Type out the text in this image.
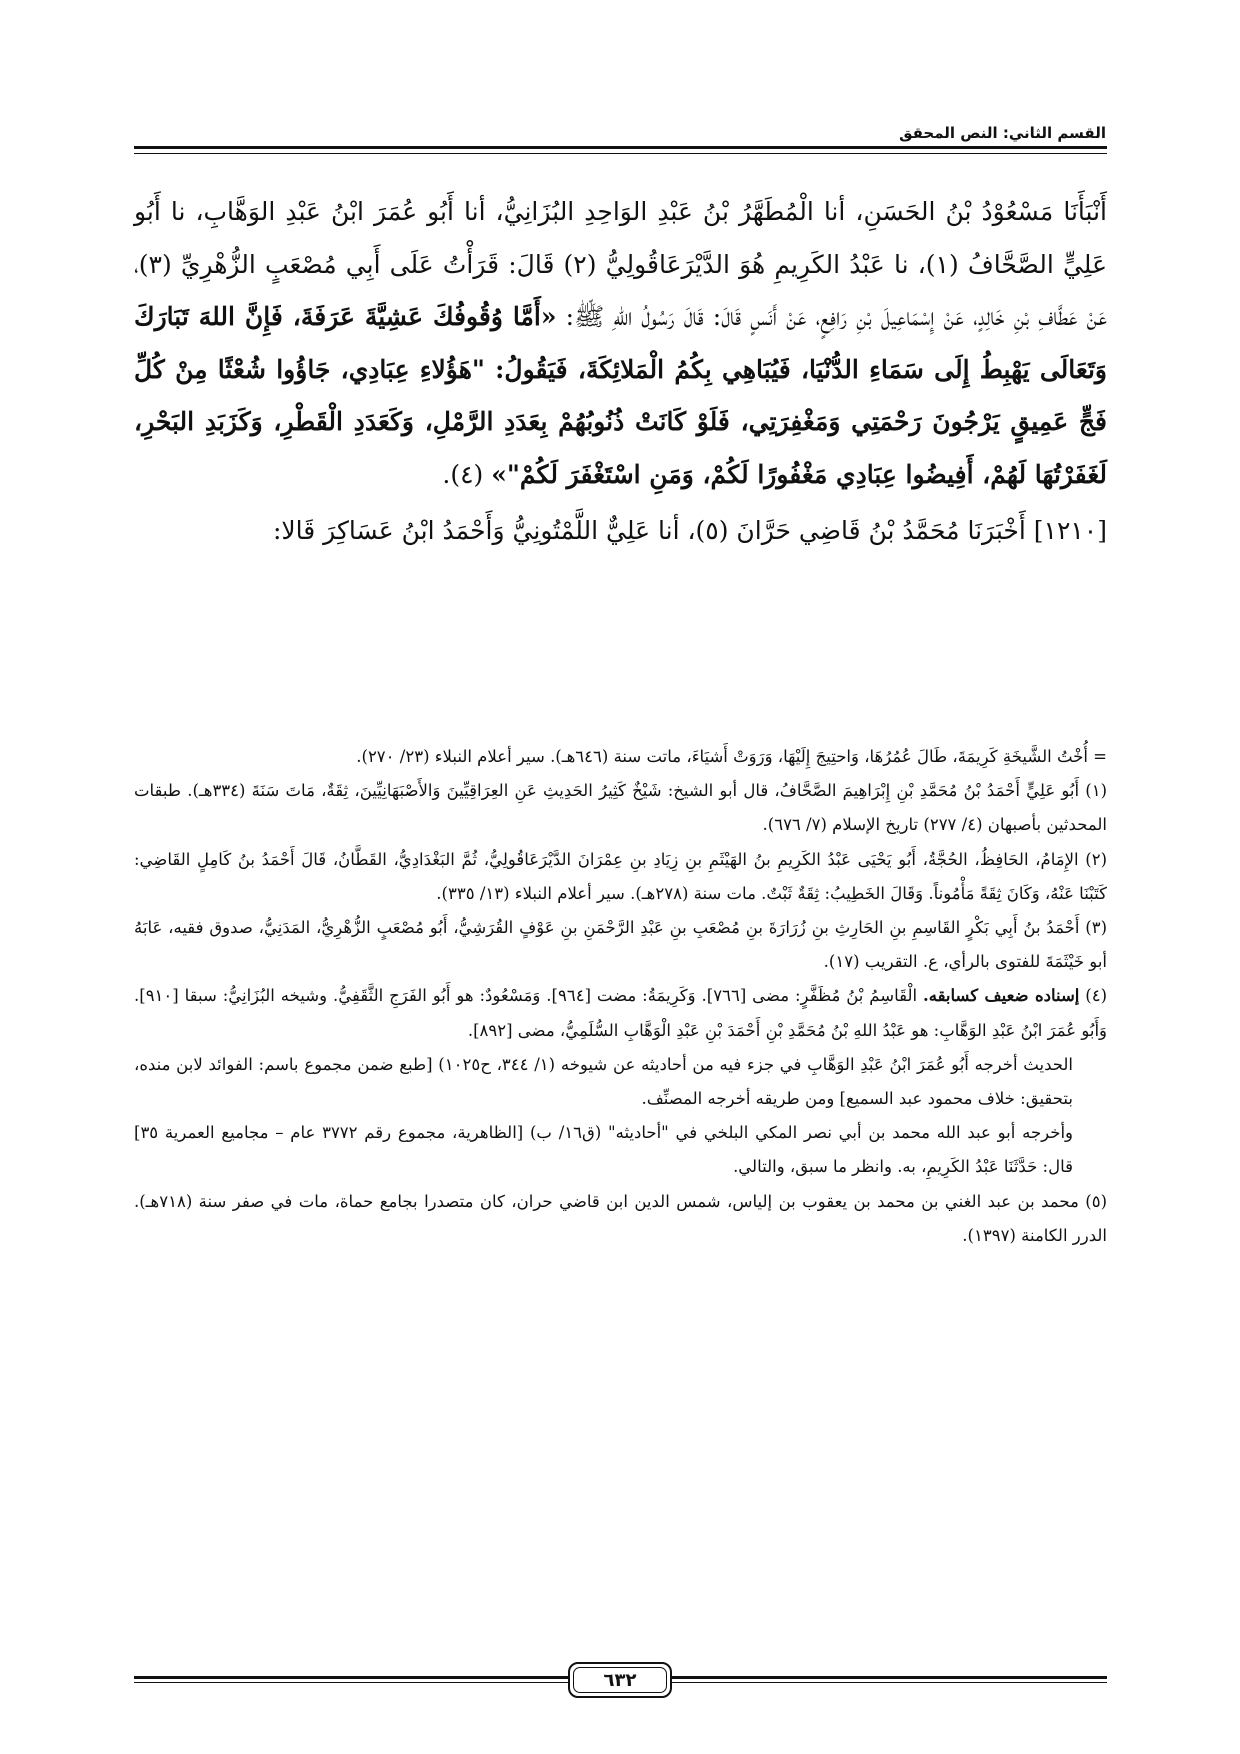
القسم الثاني: النص المحقق

أَنْبَأَنَا مَسْعُوْدُ بْنُ الحَسَنِ، أنا الْمُطَهَّرُ بْنُ عَبْدِ الوَاحِدِ البُزَانِيُّ، أنا أَبُو عُمَرَ ابْنُ عَبْدِ الوَهَّابِ، نا أَبُو عَلِيٍّ الصَّحَّافُ (١)، نا عَبْدُ الكَرِيمِ هُوَ الدَّيْرَعَاقُولِيُّ (٢) قَالَ: قَرَأْتُ عَلَى أَبِي مُصْعَبٍ الزُّهْرِيِّ (٣)، عَنْ عَطَّافِ بْنِ خَالِدٍ، عَنْ إِسْمَاعِيلَ بْنِ رَافِعٍ، عَنْ أَنَسٍ قَالَ: قَالَ رَسُولُ اللهِ ﷺ: «أَمَّا وُقُوفُكَ عَشِيَّةَ عَرَفَةَ، فَإِنَّ اللهَ تَبَارَكَ وَتَعَالَى يَهْبِطُ إِلَى سَمَاءِ الدُّنْيَا، فَيُبَاهِي بِكُمُ الْمَلائِكَةَ، فَيَقُولُ: "هَؤُلاءِ عِبَادِي، جَاؤُوا شُعْثًا مِنْ كُلِّ فَجٍّ عَمِيقٍ يَرْجُونَ رَحْمَتِي وَمَغْفِرَتِي، فَلَوْ كَانَتْ ذُنُوبُهُمْ بِعَدَدِ الرَّمْلِ، وَكَعَدَدِ الْقَطْرِ، وَكَزَبَدِ البَحْرِ، لَغَفَرْتُهَا لَهُمْ، أَفِيضُوا عِبَادِي مَغْفُورًا لَكُمْ، وَمَنِ اسْتَغْفَرَ لَكُمْ"» (٤).

[١٢١٠] أَخْبَرَنَا مُحَمَّدُ بْنُ قَاضِي حَرَّانَ (٥)، أنا عَلِيٌّ اللَّمْتُونِيُّ وَأَحْمَدُ ابْنُ عَسَاكِرَ قَالا:

= أُخْتُ الشَّيخَةِ كَرِيمَةَ، طَالَ عُمُرُهَا، وَاحتِيجَ إِلَيْهَا، وَرَوَتْ أَشيَاءَ، ماتت سنة (٦٤٦هـ). سير أعلام النبلاء (٢٣/ ٢٧٠).

(١) أَبُو عَلِيٍّ أَحْمَدُ بْنُ مُحَمَّدِ بْنِ إِبْرَاهِيمَ الصَّحَّافُ، قال أبو الشيخ: شَيْخٌ كَثِيرُ الحَدِيثِ عَنِ العِرَاقِيِّينَ وَالأَصْبَهَانِيِّينَ، ثِقَةٌ، مَاتَ سَنَةَ (٣٣٤هـ). طبقات المحدثين بأصبهان (٤/ ٢٧٧) تاريخ الإسلام (٧/ ٦٧٦).

(٢) الإِمَامُ، الحَافِظُ، الحُجَّةُ، أَبُو يَحْيَى عَبْدُ الكَرِيمِ بنُ الهَيْثَمِ بنِ زِيَادِ بنِ عِمْرَانَ الدَّيْرَعَاقُولِيُّ، ثُمَّ البَغْدَادِيُّ، القَطَّانُ، قَالَ أَحْمَدُ بنُ كَامِلٍ القَاضِي: كَتَبْنَا عَنْهُ، وَكَانَ ثِقَةً مَأْمُوناً. وَقَالَ الخَطِيبُ: ثِقَةٌ ثَبْتٌ. مات سنة (٢٧٨هـ). سير أعلام النبلاء (١٣/ ٣٣٥).

(٣) أَحْمَدُ بنُ أَبِي بَكْرٍ القَاسِمِ بنِ الحَارِثِ بنِ زُرَارَةَ بنِ مُصْعَبِ بنِ عَبْدِ الرَّحْمَنِ بنِ عَوْفٍ القُرَشِيُّ، أَبُو مُصْعَبٍ الزُّهْرِيُّ، المَدَنِيُّ، صدوق فقيه، عَابَهُ أبو خَيْثَمَةَ للفتوى بالرأي، ع. التقريب (١٧).

(٤) إسناده ضعيف كسابقه. الْقَاسِمُ بْنُ مُظَفَّرٍ: مضى [٧٦٦]. وَكَرِيمَةُ: مضت [٩٦٤]. وَمَسْعُودٌ: هو أَبُو الفَرَجِ الثَّقَفِيُّ. وشيخه البُزَانِيُّ: سبقا [٩١٠]. وَأَبُو عُمَرَ ابْنُ عَبْدِ الوَهَّابِ: هو عَبْدُ اللهِ بْنُ مُحَمَّدِ بْنِ أَحْمَدَ بْنِ عَبْدِ الْوَهَّابِ السُّلَمِيُّ، مضى [٨٩٢].

الحديث أخرجه أَبُو عُمَرَ ابْنُ عَبْدِ الوَهَّابِ في جزء فيه من أحاديثه عن شيوخه (١/ ٣٤٤، ح١٠٢٥) [طبع ضمن مجموع باسم: الفوائد لابن منده، بتحقيق: خلاف محمود عبد السميع] ومن طريقه أخرجه المصنِّف.

وأخرجه أبو عبد الله محمد بن أبي نصر المكي البلخي في "أحاديثه" (ق١٦/ ب) [الظاهرية، مجموع رقم ٣٧٧٢ عام – مجاميع العمرية ٣٥] قال: حَدَّثَنَا عَبْدُ الكَرِيمِ، به. وانظر ما سبق، والتالي.

(٥) محمد بن عبد الغني بن محمد بن يعقوب بن إلياس، شمس الدين ابن قاضي حران، كان متصدرا بجامع حماة، مات في صفر سنة (٧١٨هـ). الدرر الكامنة (١٣٩٧).

٦٣٢
